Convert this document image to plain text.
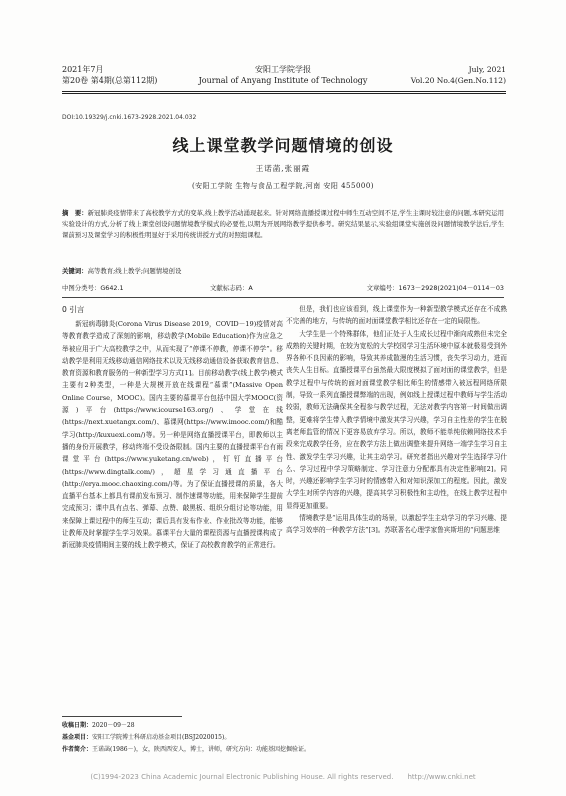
2021年7月
第20卷 第4期(总第112期)
安阳工学院学报
Journal of Anyang Institute of Technology
July, 2021
Vol.20 No.4(Gen.No.112)
DOI:10.19329/j.cnki.1673-2928.2021.04.032
线上课堂教学问题情境的创设
王诺菡,张丽霞
(安阳工学院 生物与食品工程学院,河南 安阳 455000)
摘　要：新冠肺炎疫情带来了高校教学方式的变革,线上教学活动涌现起来。针对网络直播授课过程中师生互动空间不足,学生主课时较注意的问题,本研究运用实验设计的方式,分析了线上课堂创设问题情境教学模式的必要性,以期为开展网络教学提供参考。研究结果显示,实验组课堂实施创设问题情境教学法后,学生课前预习及课堂学习的积极性明显好于采用传统讲授方式的对照组课程。
关键词：高等教育;线上教学;问题情境创设
中图分类号：G642.1	文献标志码：A	文章编号：1673－2928(2021)04－0114－03
0 引言

新冠病毒肺炎(Corona Virus Disease 2019，COVID－19)疫情对高等教育教学造成了深刻的影响，移动教学(Mobile Education)作为应急之举被应用于广大高校教学之中，从而实现了“停课不停教，停课不停学”。移动教学是利用无线移动通信网络技术以及无线移动通信设备获取教育信息、教育资源和教育服务的一种新型学习方式[1]。目前移动教学(线上教学)模式主要有2种类型，一种是大规模开放在线课程“慕课”(Massive Open Online Course，MOOC)。国内主要的慕课平台包括中国大学MOOC(资源)平台(https://www.icourse163.org/)、学堂在线(https://next.xuetangx.com/)、慕课网(https://www.imooc.com/)和酷学习(http://kuxuexi.com/)等。另一种是网络直播授课平台，即教师以主播的身份开展教学，移动终端不受设备限制。国内主要的直播授课平台有雨课堂平台(https://www.yuketang.cn/web)，钉钉直播平台(https://www.dingtalk.com/)，超星学习通直播平台(http://erya.mooc.chaoxing.com/)等。为了保证直播授课的质量，各大直播平台基本上都具有课前发布预习、制作速课等功能，用来保障学生提前完成预习；课中具有点名、弹幕、点赞、敲黑板、组织分组讨论等功能，用来保障上课过程中的师生互动；课后具有发布作业、作业批改等功能，能够让教师及时掌握学生学习效果。慕课平台大量的课程资源与直播授课构成了新冠肺炎疫情期间主要的线上教学模式，保证了高校教育教学的正常进行。

但是，我们也应该看到，线上课堂作为一种新型教学模式还存在不成熟不完善的地方，与传统的面对面课堂教学相比还存在一定的局限性。

大学生是一个特殊群体，他们正处于人生成长过程中渐向成熟但未完全成熟的关键时期，在较为宽松的大学校园学习生活环境中原本就极易受到外界各种不良因素的影响，导致其养成散漫的生活习惯，丧失学习动力，进而丧失人生目标。直播授课平台虽然最大限度模拟了面对面的课堂教学，但是教学过程中与传统的面对面课堂教学相比师生的情感带入被远程网络所限制，导致一系列直播授课弊端的出现，例如线上授课过程中教师与学生活动较弱，教师无法确保其全程参与教学过程，无法对教学内容第一时间做出调整，更难将学生带入教学情境中激发其学习兴趣，学习自主性差的学生在脱离老师监管的情况下更容易放弃学习。所以，教师不能单纯依赖网络技术手段来完成教学任务，应在教学方法上做出调整来提升网络一端学生学习自主性、激发学生学习兴趣，让其主动学习。研究者指出兴趣对学生选择学习什么、学习过程中学习策略制定、学习注意力分配都具有决定性影响[2]。同时，兴趣还影响学生学习时的情感带入和对知识深加工的程度。因此，激发大学生对所学内容的兴趣，提高其学习积极性和主动性，在线上教学过程中显得更加重要。

情境教学是“运用具体生动的场景，以激起学生主动学习的学习兴趣、提高学习效率的一种教学方法”[3]。苏联著名心理学家鲁宾斯坦的“问题思维

收稿日期：2020－09－28
基金项目：安阳工学院博士科研启动基金项目(BSJ2020015)。
作者简介：王诺菡(1986－)，女，陕西西安人，博士，讲师，研究方向：功能基因挖掘验证。
(C)1994-2023 China Academic Journal Electronic Publishing House. All rights reserved.　　http://www.cnki.net
